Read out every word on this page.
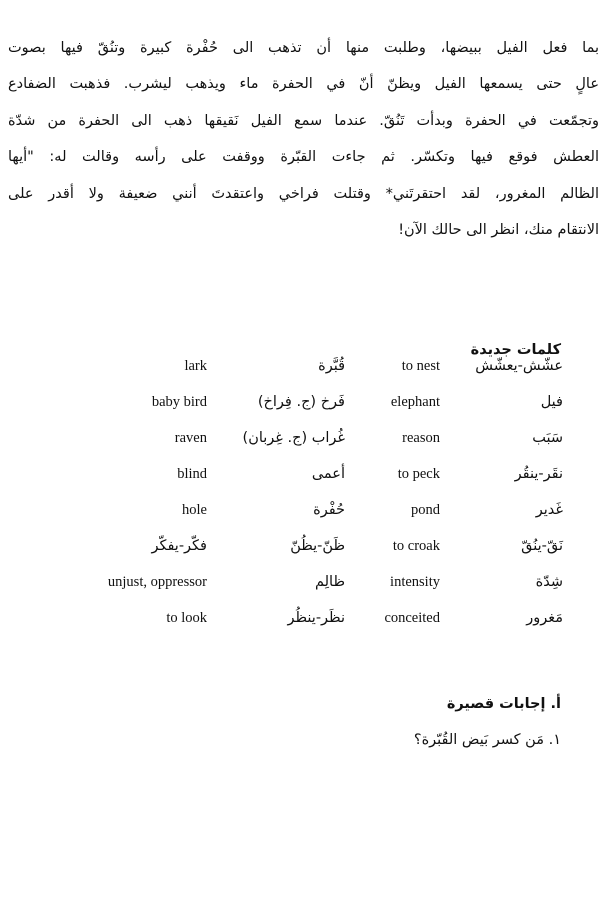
بما فعل الفيل ببيضها، وطلبت منها أن تذهب الى حُفْرة كبيرة وتنُقّ فيها بصوت
عالٍ حتى يسمعها الفيل ويظنّ أنّ في الحفرة ماء ويذهب ليشرب. فذهبت الضفادع
وتجمّعت في الحفرة وبدأت تَنُقّ. عندما سمع الفيل نَقيقها ذهب الى الحفرة من شدّة
العطش فوقع فيها وتكسّر. ثم جاءت القبّرة ووقفت على رأسه وقالت له: "أيها
الظالم المغرور، لقد احتقرتَني* وقتلت فراخي واعتقدتَ أنني ضعيفة ولا أقدر على
الانتقام منك، انظر الى حالك الآن!
كلمات جديدة
عشّش-يعشّش
to nest
قُبَّرة
lark
فيل
elephant
فَرخ (ج. فِراخ)
baby bird
سَبَب
reason
غُراب (ج. غِربان)
raven
نقَر-ينقُر
to peck
أعمى
blind
غَدير
pond
حُفْرة
hole
نَقّ-ينُقّ
to croak
ظَنّ-يظُنّ
فكّر-يفكّر
شِدّة
intensity
ظالِم
unjust, oppressor
مَغرور
conceited
نظَر-ينظُر
to look
أ. إجابات قصيرة
١. مَن كسر بَيض القُبّرة؟
